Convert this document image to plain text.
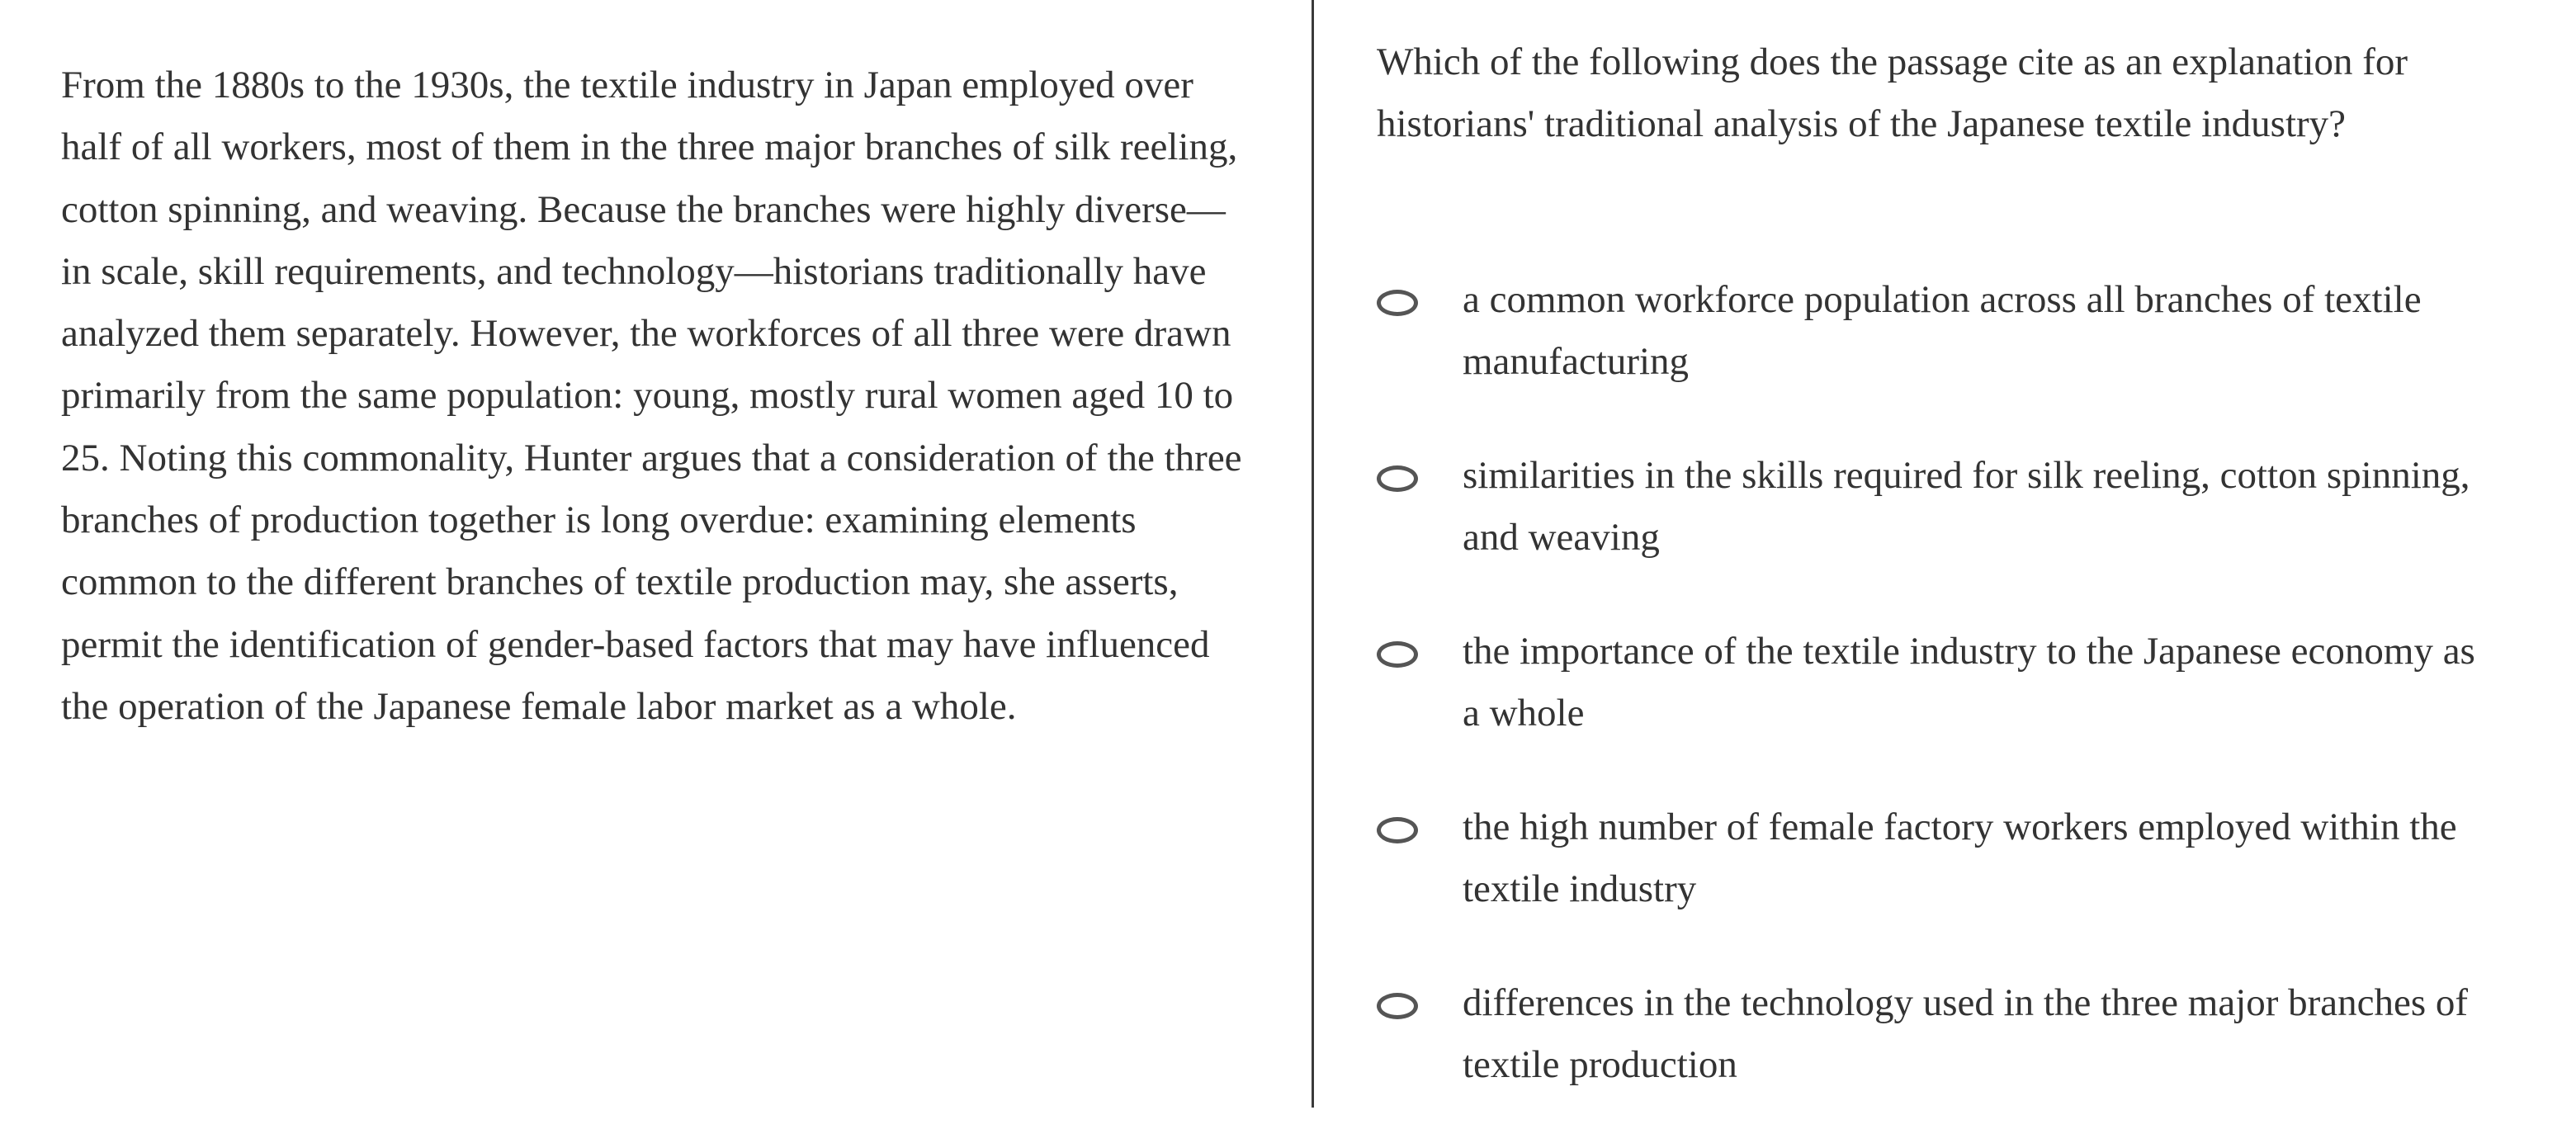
From the 1880s to the 1930s, the textile industry in Japan employed over half of all workers, most of them in the three major branches of silk reeling, cotton spinning, and weaving. Because the branches were highly diverse—in scale, skill requirements, and technology—historians traditionally have analyzed them separately. However, the workforces of all three were drawn primarily from the same population: young, mostly rural women aged 10 to 25. Noting this commonality, Hunter argues that a consideration of the three branches of production together is long overdue: examining elements common to the different branches of textile production may, she asserts, permit the identification of gender-based factors that may have influenced the operation of the Japanese female labor market as a whole.

Which of the following does the passage cite as an explanation for historians' traditional analysis of the Japanese textile industry?

a common workforce population across all branches of textile manufacturing
similarities in the skills required for silk reeling, cotton spinning, and weaving
the importance of the textile industry to the Japanese economy as a whole
the high number of female factory workers employed within the textile industry
differences in the technology used in the three major branches of textile production
